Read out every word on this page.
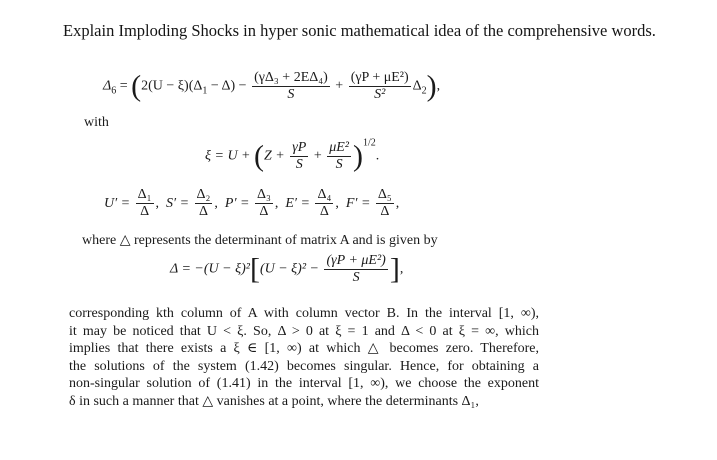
Explain Imploding Shocks in hyper sonic mathematical idea of the comprehensive words.
$\Delta_6 = (2(U - \xi)(\Delta_1 - \Delta) - \frac{\text{(γΔ₃ + 2EΔ₄)}}{S} + \frac{\text{(γP + μE²)}}{\text{S²}} \Delta_2)$,
with
$\xi = U + (Z + \frac{\gamma P}{S} + \frac{\text{μE²}}{S} )^{1/2}$.
$U' = \frac{\text{Δ₁}}{\Delta}$ ,  $S' = \frac{\text{Δ₂}}{\Delta}$ ,  $P' = \frac{\text{Δ₃}}{\Delta}$ ,  $E' = \frac{\text{Δ₄}}{\Delta}$ ,  $F' = \frac{\text{Δ₅}}{\Delta}$ ,
where △ represents the determinant of matrix A and is given by
$\Delta = -(U - \xi)^2[(U - \xi)^2 - \frac{\text{(γP + μE²)}}{S}$ ],
corresponding kth column of A with column vector B. In the interval [1, ∞),
it may be noticed that U < ξ. So, Δ > 0 at ξ = 1 and Δ < 0 at ξ = ∞, which
implies that there exists a ξ ∈ [1, ∞) at which △ becomes zero. Therefore,
the solutions of the system (1.42) becomes singular. Hence, for obtaining a
non-singular solution of (1.41) in the interval [1, ∞), we choose the exponent
δ in such a manner that △ vanishes at a point, where the determinants Δ₁,
